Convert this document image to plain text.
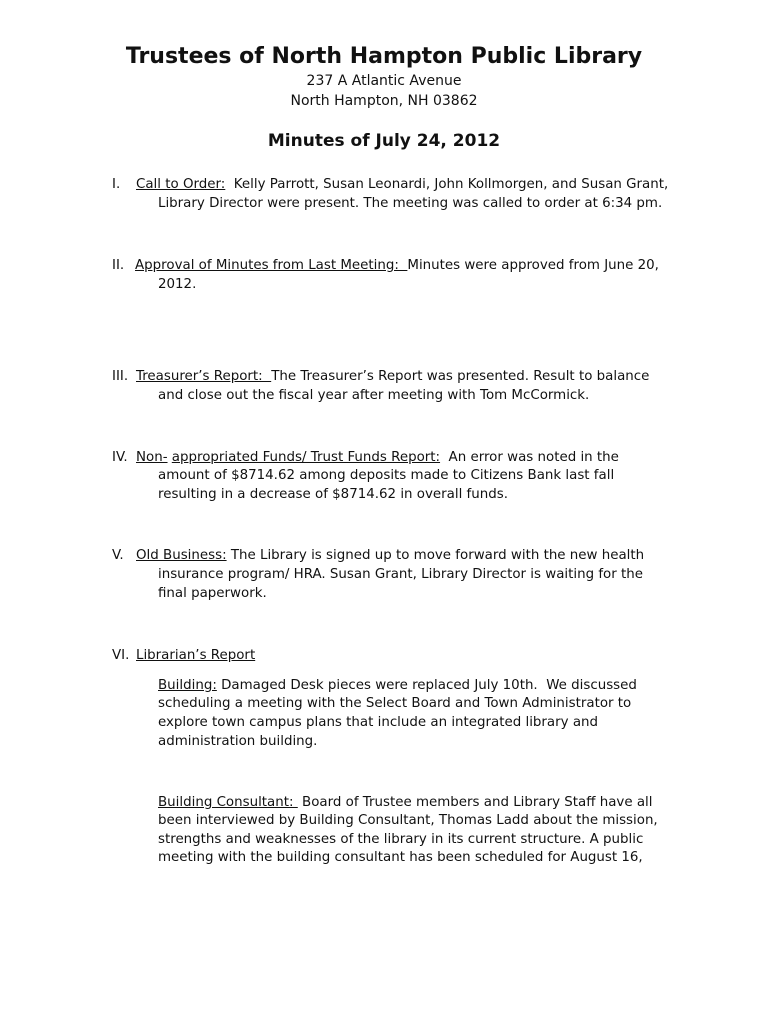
Trustees of North Hampton Public Library
237 A Atlantic Avenue
North Hampton, NH 03862
Minutes of July 24, 2012
I. Call to Order:  Kelly Parrott, Susan Leonardi, John Kollmorgen, and Susan Grant,
Library Director were present. The meeting was called to order at 6:34 pm.
II. Approval of Minutes from Last Meeting:  Minutes were approved from June 20,
2012.
III. Treasurer’s Report:  The Treasurer’s Report was presented. Result to balance
and close out the fiscal year after meeting with Tom McCormick.
IV. Non- appropriated Funds/ Trust Funds Report:  An error was noted in the
amount of $8714.62 among deposits made to Citizens Bank last fall
resulting in a decrease of $8714.62 in overall funds.
V. Old Business: The Library is signed up to move forward with the new health
insurance program/ HRA. Susan Grant, Library Director is waiting for the
final paperwork.
VI. Librarian’s Report
Building: Damaged Desk pieces were replaced July 10th.  We discussed
scheduling a meeting with the Select Board and Town Administrator to
explore town campus plans that include an integrated library and
administration building.
Building Consultant:  Board of Trustee members and Library Staff have all
been interviewed by Building Consultant, Thomas Ladd about the mission,
strengths and weaknesses of the library in its current structure. A public
meeting with the building consultant has been scheduled for August 16,
